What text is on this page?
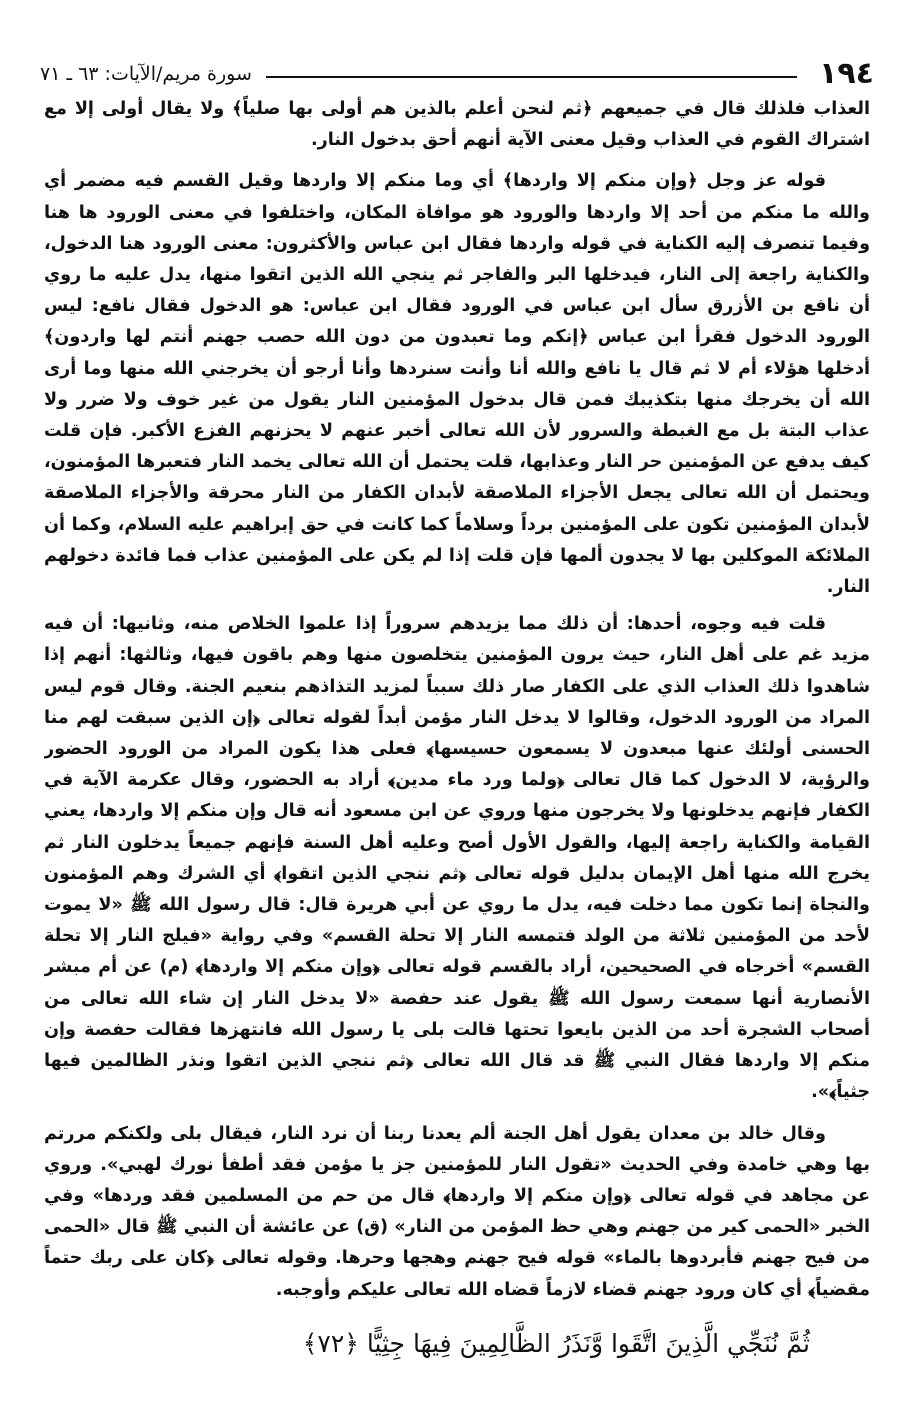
١٩٤
سورة مريم/الآيات: ٦٣ ـ ٧١

العذاب فلذلك قال في جميعهم ﴿ثم لنحن أعلم بالذين هم أولى بها صلياً﴾ ولا يقال أولى إلا مع اشتراك القوم في العذاب وقيل معنى الآية أنهم أحق بدخول النار.

قوله عز وجل ﴿وإن منكم إلا واردها﴾ أي وما منكم إلا واردها وقيل القسم فيه مضمر أي والله ما منكم من أحد إلا واردها والورود هو موافاة المكان، واختلفوا في معنى الورود ها هنا وفيما تنصرف إليه الكناية في قوله واردها فقال ابن عباس والأكثرون: معنى الورود هنا الدخول، والكناية راجعة إلى النار، فيدخلها البر والفاجر ثم ينجي الله الذين اتقوا منها، يدل عليه ما روي أن نافع بن الأزرق سأل ابن عباس في الورود فقال ابن عباس: هو الدخول فقال نافع: ليس الورود الدخول فقرأ ابن عباس ﴿إنكم وما تعبدون من دون الله حصب جهنم أنتم لها واردون﴾ أدخلها هؤلاء أم لا ثم قال يا نافع والله أنا وأنت سنردها وأنا أرجو أن يخرجني الله منها وما أرى الله أن يخرجك منها بتكذيبك فمن قال بدخول المؤمنين النار يقول من غير خوف ولا ضرر ولا عذاب البتة بل مع الغبطة والسرور لأن الله تعالى أخبر عنهم لا يحزنهم الفزع الأكبر. فإن قلت كيف يدفع عن المؤمنين حر النار وعذابها، قلت يحتمل أن الله تعالى يخمد النار فتعبرها المؤمنون، ويحتمل أن الله تعالى يجعل الأجزاء الملاصقة لأبدان الكفار من النار محرقة والأجزاء الملاصقة لأبدان المؤمنين تكون على المؤمنين برداً وسلاماً كما كانت في حق إبراهيم عليه السلام، وكما أن الملائكة الموكلين بها لا يجدون ألمها فإن قلت إذا لم يكن على المؤمنين عذاب فما فائدة دخولهم النار.

قلت فيه وجوه، أحدها: أن ذلك مما يزيدهم سروراً إذا علموا الخلاص منه، وثانيها: أن فيه مزيد غم على أهل النار، حيث يرون المؤمنين يتخلصون منها وهم باقون فيها، وثالثها: أنهم إذا شاهدوا ذلك العذاب الذي على الكفار صار ذلك سبباً لمزيد التذاذهم بنعيم الجنة. وقال قوم ليس المراد من الورود الدخول، وقالوا لا يدخل النار مؤمن أبداً لقوله تعالى ﴿إن الذين سبقت لهم منا الحسنى أولئك عنها مبعدون لا يسمعون حسيسها﴾ فعلى هذا يكون المراد من الورود الحضور والرؤية، لا الدخول كما قال تعالى ﴿ولما ورد ماء مدين﴾ أراد به الحضور، وقال عكرمة الآية في الكفار فإنهم يدخلونها ولا يخرجون منها وروي عن ابن مسعود أنه قال وإن منكم إلا واردها، يعني القيامة والكناية راجعة إليها، والقول الأول أصح وعليه أهل السنة فإنهم جميعاً يدخلون النار ثم يخرج الله منها أهل الإيمان بدليل قوله تعالى ﴿ثم ننجي الذين اتقوا﴾ أي الشرك وهم المؤمنون والنجاة إنما تكون مما دخلت فيه، يدل ما روي عن أبي هريرة قال: قال رسول الله ﷺ «لا يموت لأحد من المؤمنين ثلاثة من الولد فتمسه النار إلا تحلة القسم» وفي رواية «فيلج النار إلا تحلة القسم» أخرجاه في الصحيحين، أراد بالقسم قوله تعالى ﴿وإن منكم إلا واردها﴾ (م) عن أم مبشر الأنصارية أنها سمعت رسول الله ﷺ يقول عند حفصة «لا يدخل النار إن شاء الله تعالى من أصحاب الشجرة أحد من الذين بايعوا تحتها قالت بلى يا رسول الله فانتهزها فقالت حفصة وإن منكم إلا واردها فقال النبي ﷺ قد قال الله تعالى ﴿ثم ننجي الذين اتقوا ونذر الظالمين فيها جثياً﴾».

وقال خالد بن معدان يقول أهل الجنة ألم يعدنا ربنا أن نرد النار، فيقال بلى ولكنكم مررتم بها وهي خامدة وفي الحديث «تقول النار للمؤمنين جز يا مؤمن فقد أطفأ نورك لهبي». وروي عن مجاهد في قوله تعالى ﴿وإن منكم إلا واردها﴾ قال من حم من المسلمين فقد وردها» وفي الخبر «الحمى كير من جهنم وهي حظ المؤمن من النار» (ق) عن عائشة أن النبي ﷺ قال «الحمى من فيح جهنم فأبردوها بالماء» قوله فيح جهنم وهجها وحرها. وقوله تعالى ﴿كان على ربك حتماً مقضياً﴾ أي كان ورود جهنم قضاء لازماً قضاه الله تعالى عليكم وأوجبه.

ثُمَّ نُنَجِّي الَّذِينَ اتَّقَوا وَّنَذَرُ الظَّالِمِينَ فِيهَا جِثِيًّا ﴿٧٢﴾
